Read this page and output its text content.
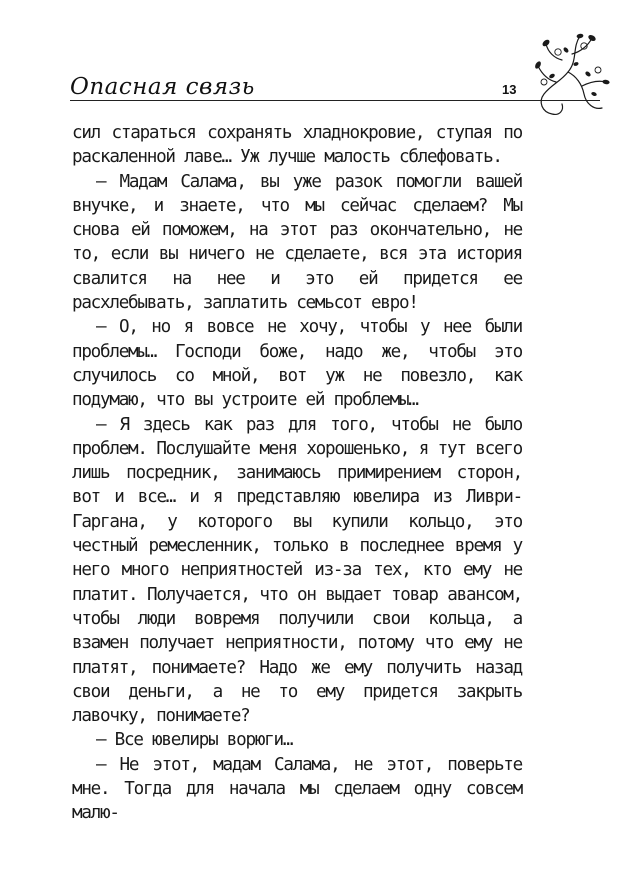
Опасная связь	13

сил стараться сохранять хладнокровие, ступая по раскаленной лаве… Уж лучше малость сблефовать.

— Мадам Салама, вы уже разок помогли вашей внучке, и знаете, что мы сейчас сделаем? Мы снова ей поможем, на этот раз окончательно, не то, если вы ничего не сделаете, вся эта история свалится на нее и это ей придется ее расхлебывать, заплатить семьсот евро!

— О, но я вовсе не хочу, чтобы у нее были проблемы… Господи боже, надо же, чтобы это случилось со мной, вот уж не повезло, как подумаю, что вы устроите ей проблемы…

— Я здесь как раз для того, чтобы не было проблем. Послушайте меня хорошенько, я тут всего лишь посредник, занимаюсь примирением сторон, вот и все… и я представляю ювелира из Ливри-Гаргана, у которого вы купили кольцо, это честный ремесленник, только в последнее время у него много неприятностей из-за тех, кто ему не платит. Получается, что он выдает товар авансом, чтобы люди вовремя получили свои кольца, а взамен получает неприятности, потому что ему не платят, понимаете? Надо же ему получить назад свои деньги, а не то ему придется закрыть лавочку, понимаете?

— Все ювелиры ворюги…

— Не этот, мадам Салама, не этот, поверьте мне. Тогда для начала мы сделаем одну совсем малю-
